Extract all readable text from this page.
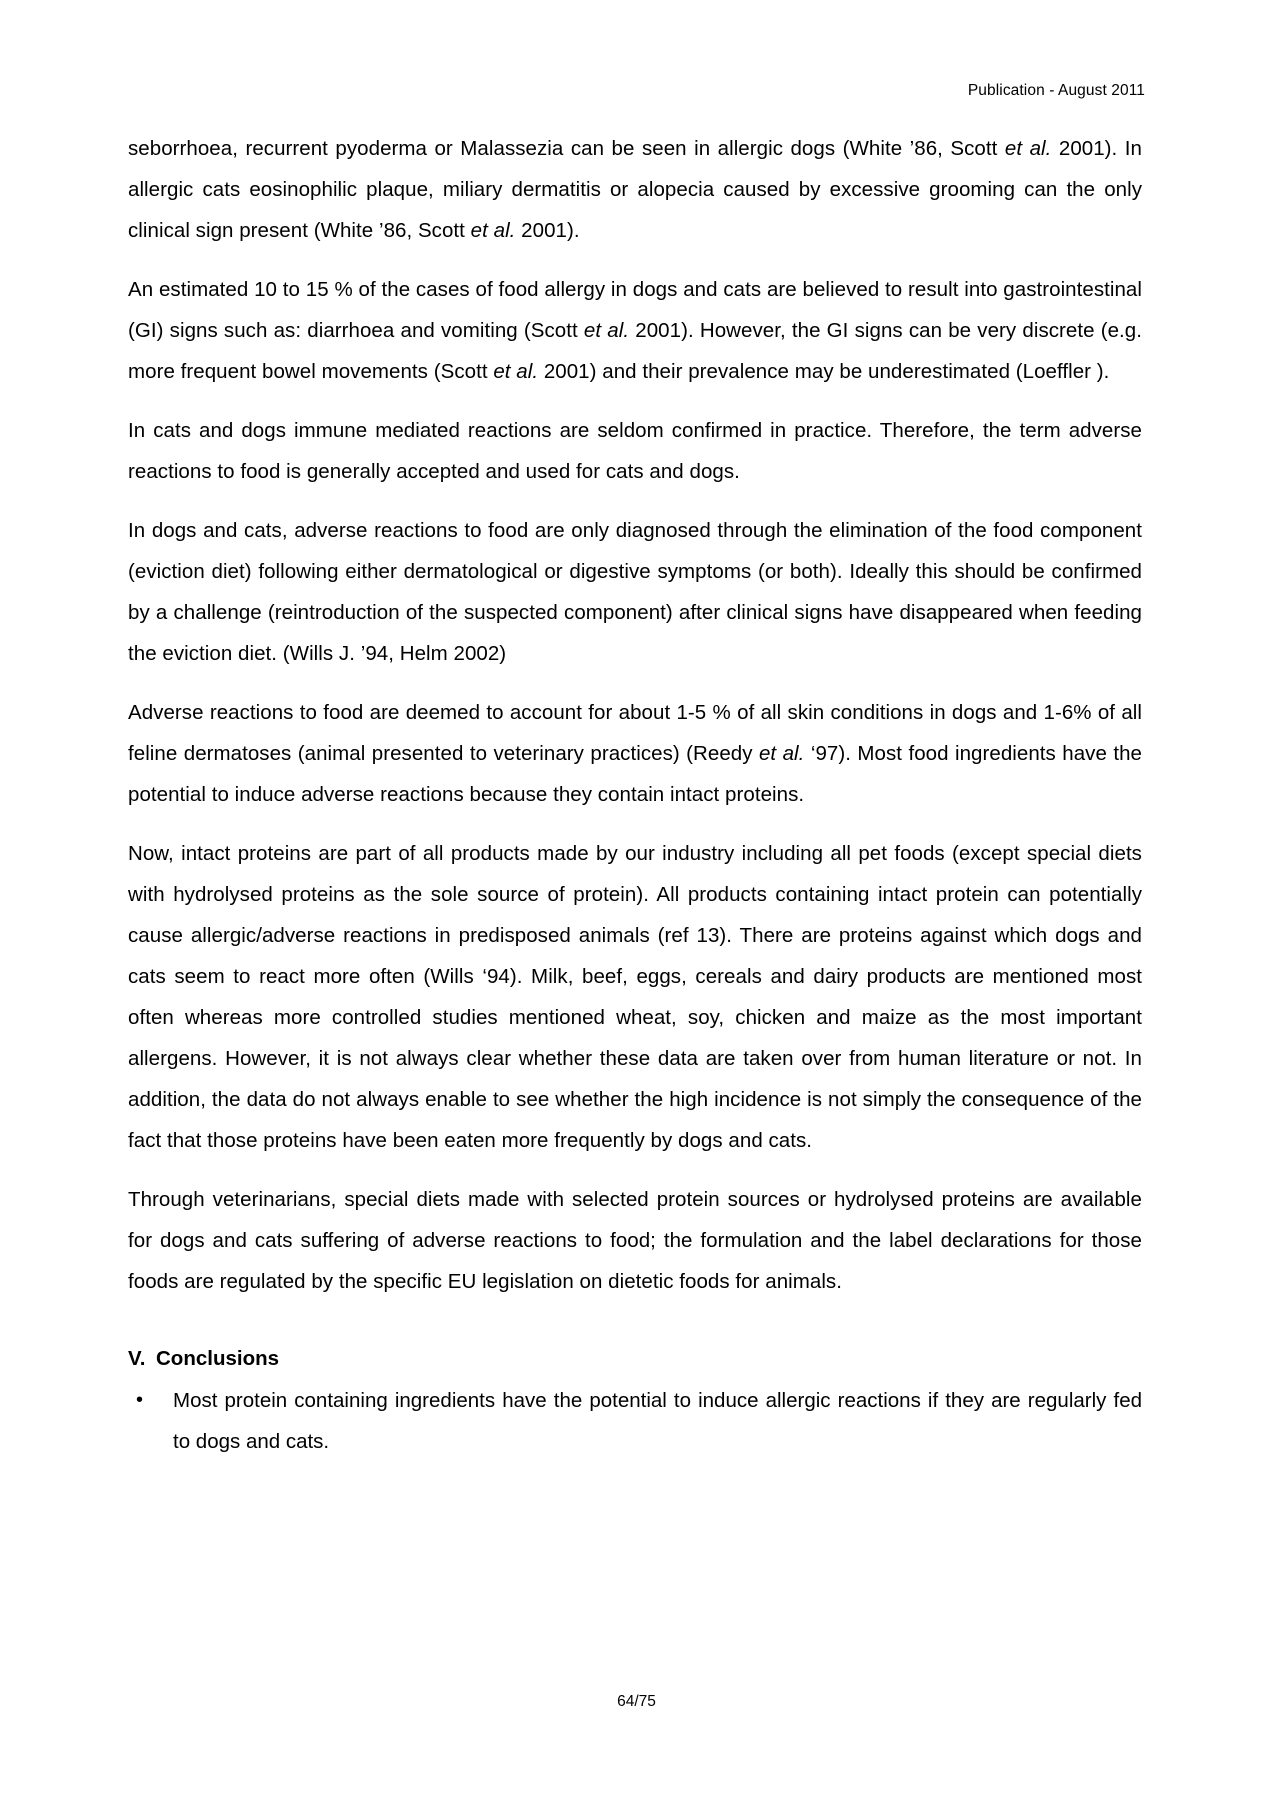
Publication - August 2011

seborrhoea, recurrent pyoderma or Malassezia can be seen in allergic dogs (White ’86, Scott et al. 2001). In allergic cats eosinophilic plaque, miliary dermatitis or alopecia caused by excessive grooming can the only clinical sign present (White ’86, Scott et al. 2001).

An estimated 10 to 15 % of the cases of food allergy in dogs and cats are believed to result into gastrointestinal (GI) signs such as: diarrhoea and vomiting (Scott et al. 2001). However, the GI signs can be very discrete (e.g. more frequent bowel movements (Scott et al. 2001) and their prevalence may be underestimated (Loeffler ).

In cats and dogs immune mediated reactions are seldom confirmed in practice. Therefore, the term adverse reactions to food is generally accepted and used for cats and dogs.

In dogs and cats, adverse reactions to food are only diagnosed through the elimination of the food component (eviction diet) following either dermatological or digestive symptoms (or both). Ideally this should be confirmed by a challenge (reintroduction of the suspected component) after clinical signs have disappeared when feeding the eviction diet. (Wills J. ’94, Helm 2002)

Adverse reactions to food are deemed to account for about 1-5 % of all skin conditions in dogs and 1-6% of all feline dermatoses (animal presented to veterinary practices) (Reedy et al. ‘97). Most food ingredients have the potential to induce adverse reactions because they contain intact proteins.

Now, intact proteins are part of all products made by our industry including all pet foods (except special diets with hydrolysed proteins as the sole source of protein). All products containing intact protein can potentially cause allergic/adverse reactions in predisposed animals (ref 13). There are proteins against which dogs and cats seem to react more often (Wills ‘94). Milk, beef, eggs, cereals and dairy products are mentioned most often whereas more controlled studies mentioned wheat, soy, chicken and maize as the most important allergens. However, it is not always clear whether these data are taken over from human literature or not. In addition, the data do not always enable to see whether the high incidence is not simply the consequence of the fact that those proteins have been eaten more frequently by dogs and cats.

Through veterinarians, special diets made with selected protein sources or hydrolysed proteins are available for dogs and cats suffering of adverse reactions to food; the formulation and the label declarations for those foods are regulated by the specific EU legislation on dietetic foods for animals.

V. Conclusions
• Most protein containing ingredients have the potential to induce allergic reactions if they are regularly fed to dogs and cats.
64/75
